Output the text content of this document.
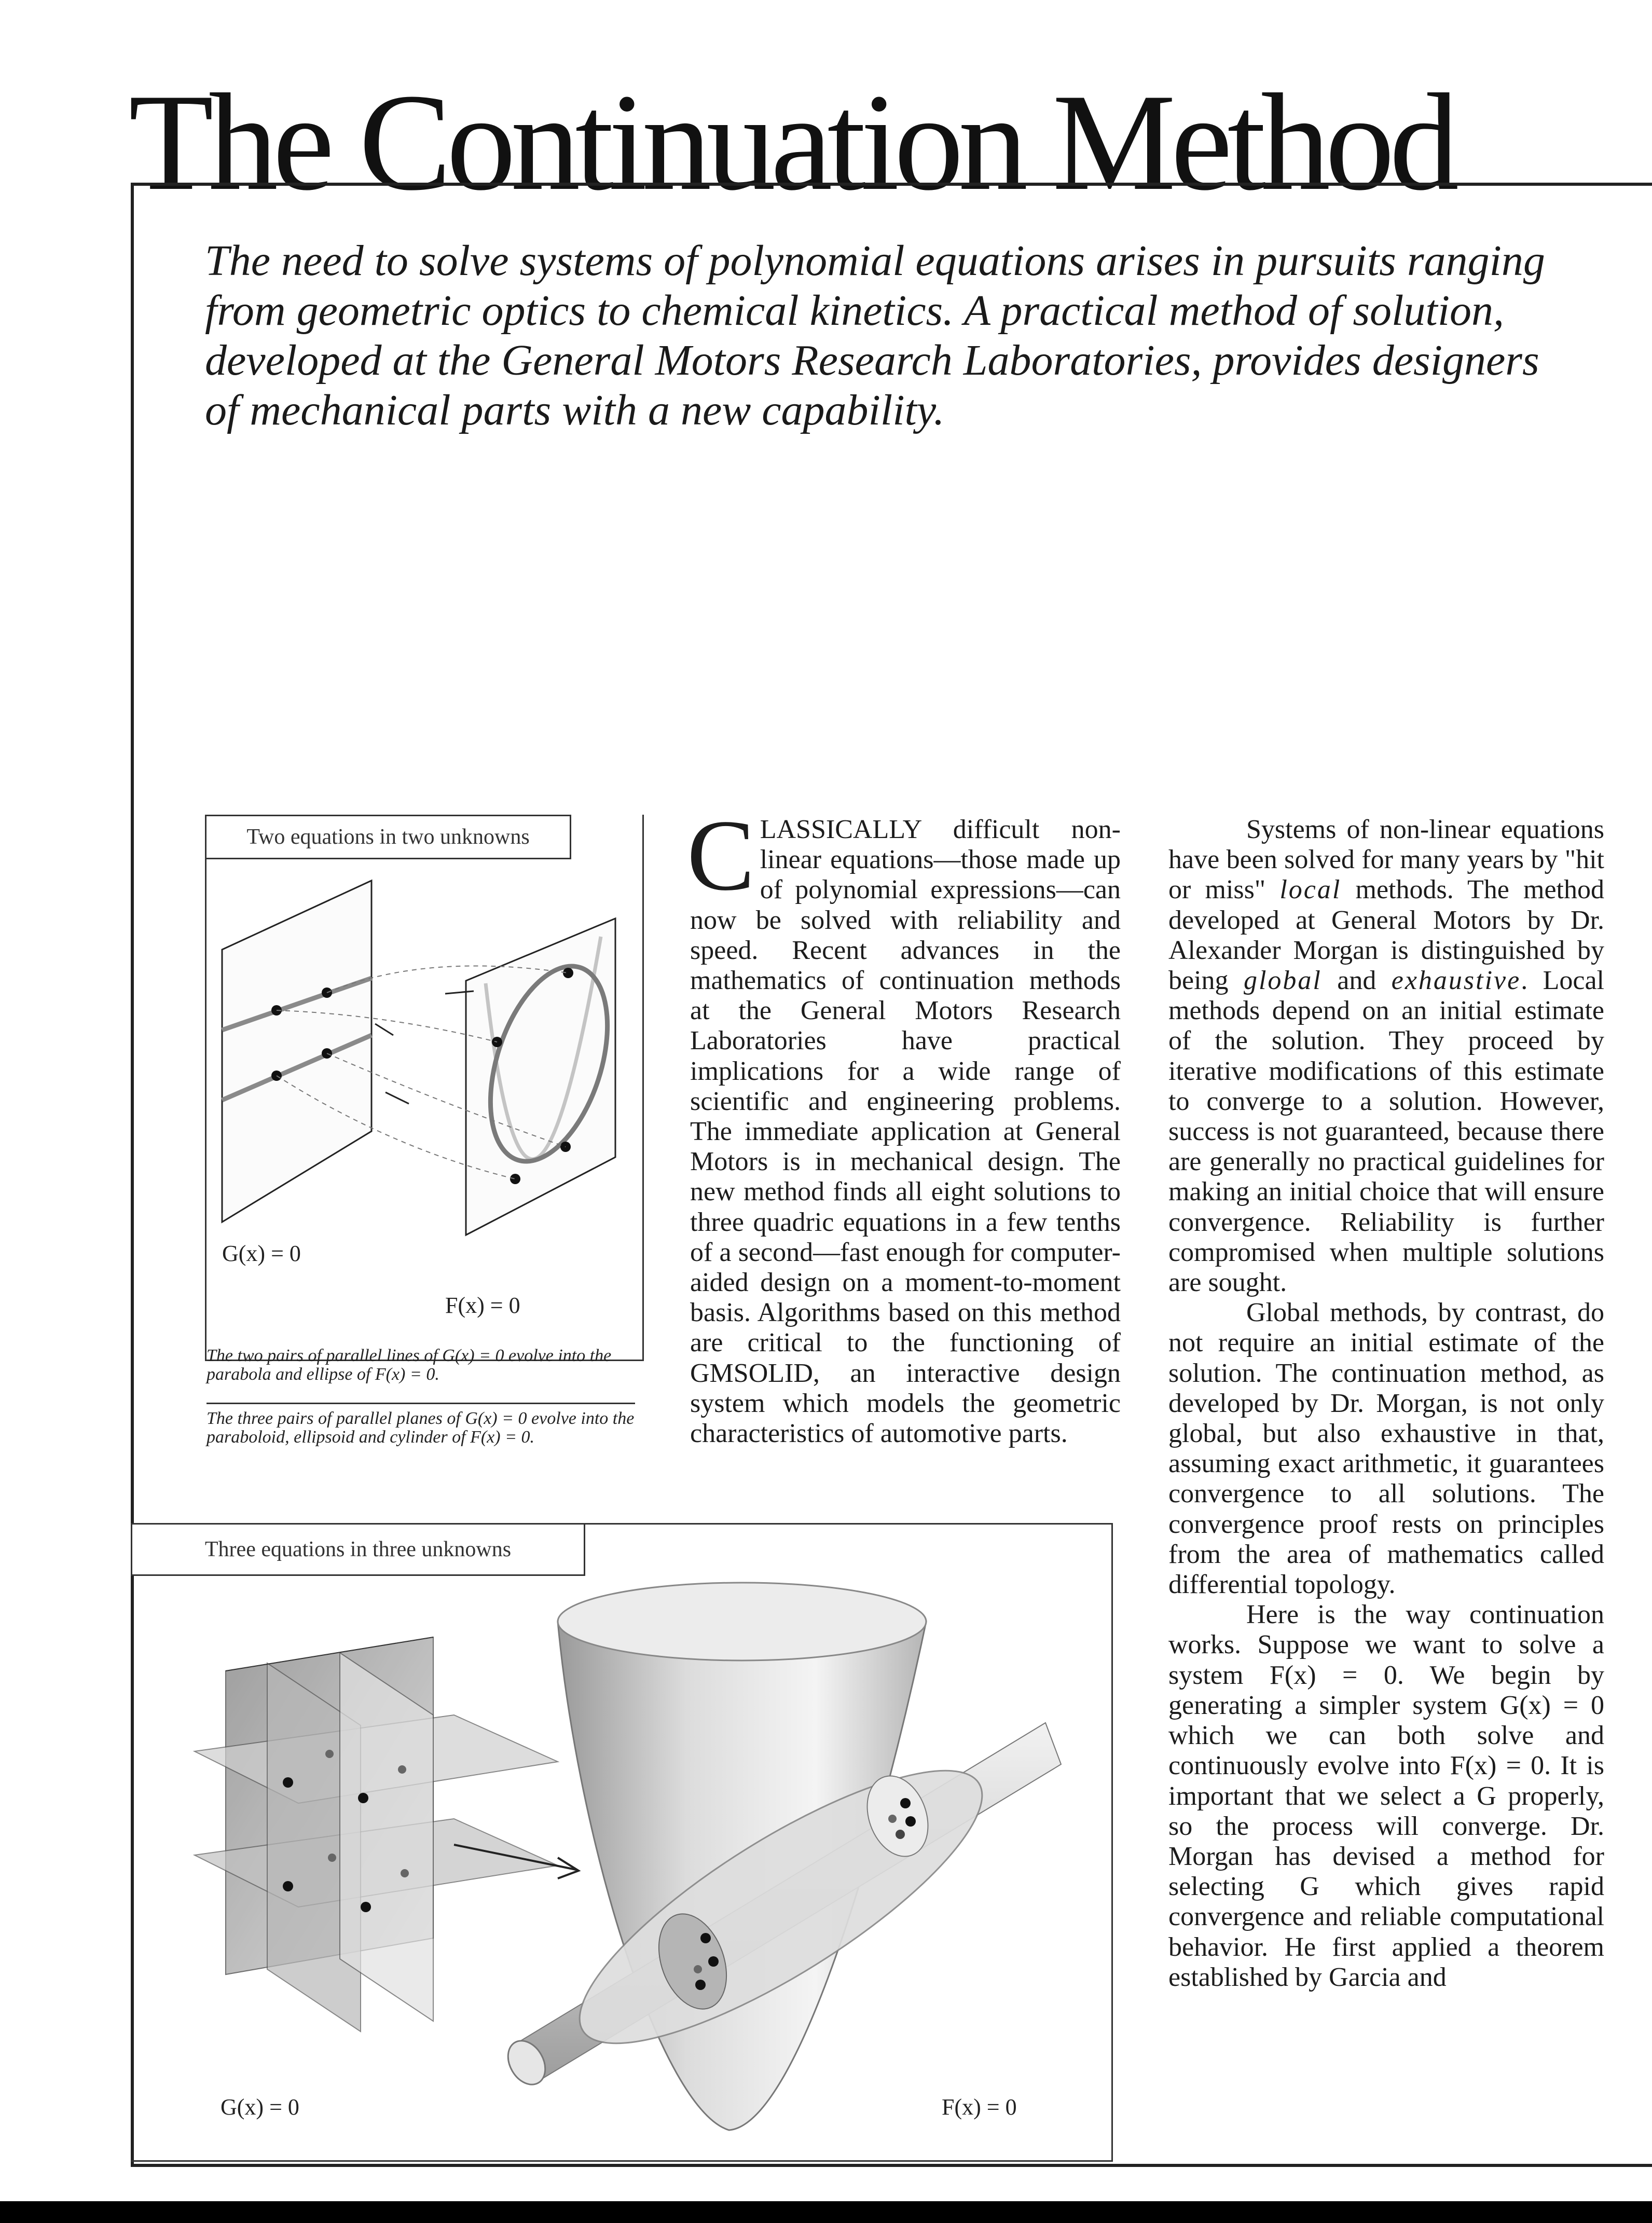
The Continuation Method

The need to solve systems of polynomial equations arises in pursuits ranging from geometric optics to chemical kinetics. A practical method of solution, developed at the General Motors Research Laboratories, provides designers of mechanical parts with a new capability.

Two equations in two unknowns
G(x) = 0
F(x) = 0
The two pairs of parallel lines of G(x) = 0 evolve into the parabola and ellipse of F(x) = 0.
The three pairs of parallel planes of G(x) = 0 evolve into the paraboloid, ellipsoid and cylinder of F(x) = 0.
Three equations in three unknowns
G(x) = 0	F(x) = 0

CLASSICALLY difficult non-linear equations—those made up of polynomial expressions—can now be solved with reliability and speed. Recent advances in the mathematics of continuation methods at the General Motors Research Laboratories have practical implications for a wide range of scientific and engineering problems. The immediate application at General Motors is in mechanical design. The new method finds all eight solutions to three quadric equations in a few tenths of a second—fast enough for computer-aided design on a moment-to-moment basis. Algorithms based on this method are critical to the functioning of GMSOLID, an interactive design system which models the geometric characteristics of automotive parts.

Systems of non-linear equations have been solved for many years by "hit or miss" local methods. The method developed at General Motors by Dr. Alexander Morgan is distinguished by being global and exhaustive. Local methods depend on an initial estimate of the solution. They proceed by iterative modifications of this estimate to converge to a solution. However, success is not guaranteed, because there are generally no practical guidelines for making an initial choice that will ensure convergence. Reliability is further compromised when multiple solutions are sought.

Global methods, by contrast, do not require an initial estimate of the solution. The continuation method, as developed by Dr. Morgan, is not only global, but also exhaustive in that, assuming exact arithmetic, it guarantees convergence to all solutions. The convergence proof rests on principles from the area of mathematics called differential topology.

Here is the way continuation works. Suppose we want to solve a system F(x) = 0. We begin by generating a simpler system G(x) = 0 which we can both solve and continuously evolve into F(x) = 0. It is important that we select a G properly, so the process will converge. Dr. Morgan has devised a method for selecting G which gives rapid convergence and reliable computational behavior. He first applied a theorem established by Garcia and
